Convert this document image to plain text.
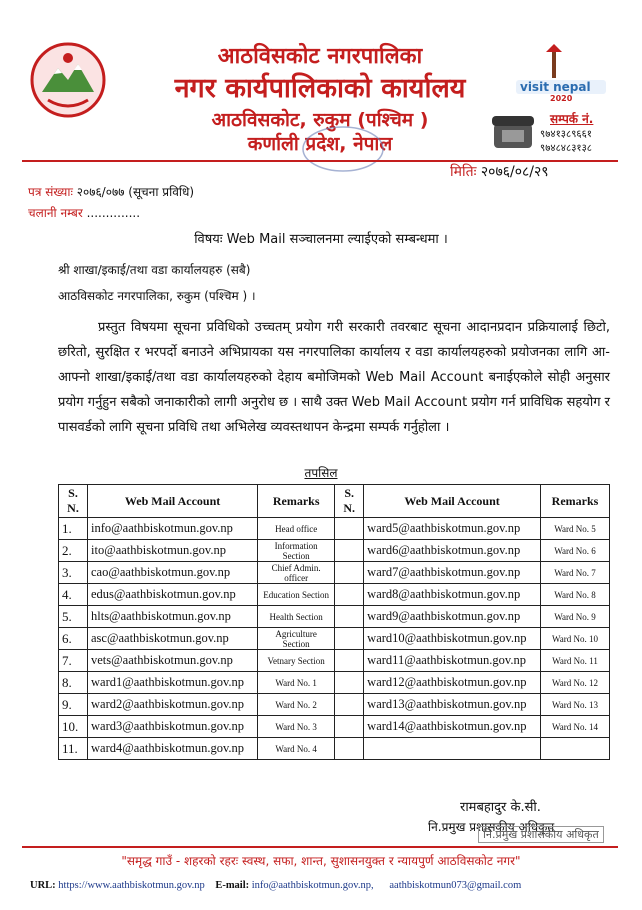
आठविसकोट नगरपालिका
नगर कार्यपालिकाको कार्यालय
आठविसकोट, रुकुम (पश्चिम )
कर्णाली प्रदेश, नेपाल
visit nepal
2020
सम्पर्क नं.
९७४१३८९६६१
९७४८४८३१३८
मितिः २०७६/०८/२९
पत्र संख्याः २०७६/०७७ (सूचना प्रविधि)
चलानी नम्बर ..............
विषयः Web Mail सञ्चालनमा ल्याईएको सम्बन्धमा ।
श्री शाखा/इकाई/तथा वडा कार्यालयहरु (सबै)
आठविसकोट नगरपालिका, रुकुम (पश्चिम ) ।
प्रस्तुत विषयमा सूचना प्रविधिको उच्चतम् प्रयोग गरी सरकारी तवरबाट सूचना आदानप्रदान प्रक्रियालाई छिटो, छरितो, सुरक्षित र भरपर्दो बनाउने अभिप्रायका यस नगरपालिका कार्यालय र वडा कार्यालयहरुको प्रयोजनका लागि आ-आफ्नो शाखा/इकाई/तथा वडा कार्यालयहरुको देहाय बमोजिमको Web Mail Account बनाईएकोले सोही अनुसार प्रयोग गर्नुहुन सबैको जनाकारीको लागी अनुरोध छ । साथै उक्त Web Mail Account प्रयोग गर्न प्राविधिक सहयोग र पासवर्डको लागि सूचना प्रविधि तथा अभिलेख व्यवस्तथापन केन्द्रमा सम्पर्क गर्नुहोला ।
तपसिल
S. N.	Web Mail Account	Remarks	S. N.	Web Mail Account	Remarks
1.	info@aathbiskotmun.gov.np	Head office		ward5@aathbiskotmun.gov.np	Ward No. 5
2.	ito@aathbiskotmun.gov.np	Information Section		ward6@aathbiskotmun.gov.np	Ward No. 6
3.	cao@aathbiskotmun.gov.np	Chief Admin. officer		ward7@aathbiskotmun.gov.np	Ward No. 7
4.	edus@aathbiskotmun.gov.np	Education Section		ward8@aathbiskotmun.gov.np	Ward No. 8
5.	hlts@aathbiskotmun.gov.np	Health Section		ward9@aathbiskotmun.gov.np	Ward No. 9
6.	asc@aathbiskotmun.gov.np	Agriculture Section		ward10@aathbiskotmun.gov.np	Ward No. 10
7.	vets@aathbiskotmun.gov.np	Vetnary Section		ward11@aathbiskotmun.gov.np	Ward No. 11
8.	ward1@aathbiskotmun.gov.np	Ward No. 1		ward12@aathbiskotmun.gov.np	Ward No. 12
9.	ward2@aathbiskotmun.gov.np	Ward No. 2		ward13@aathbiskotmun.gov.np	Ward No. 13
10.	ward3@aathbiskotmun.gov.np	Ward No. 3		ward14@aathbiskotmun.gov.np	Ward No. 14
11.	ward4@aathbiskotmun.gov.np	Ward No. 4			
रामबहादुर के.सी.
नि.प्रमुख प्रशासकीय अधिकृत
नि.प्रमुख प्रशासकीय अधिकृत
"समृद्ध गाउँ - शहरको रहरः स्वस्थ, सफा, शान्त, सुशासनयुक्त र न्यायपुर्ण आठविसकोट नगर"
URL: https://www.aathbiskotmun.gov.np E-mail: info@aathbiskotmun.gov.np, aathbiskotmun073@gmail.com
